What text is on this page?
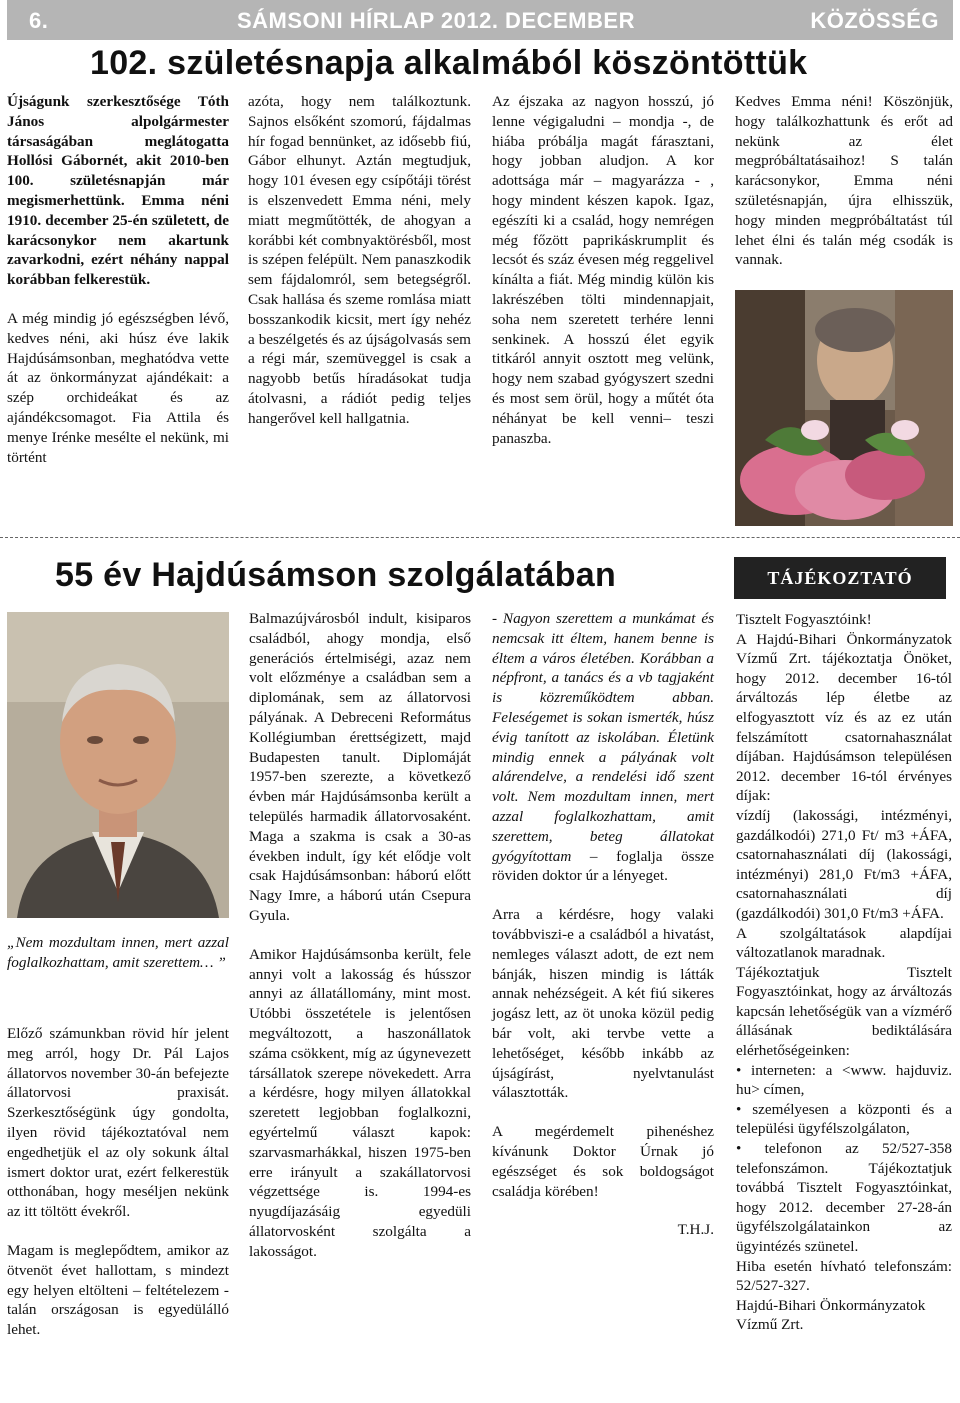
6.	SÁMSONI HÍRLAP 2012. DECEMBER	KÖZÖSSÉG
102. születésnapja alkalmából köszöntöttük

Újságunk szerkesztősége Tóth János alpolgármester társaságában meglátogatta Hollósi Gábornét, akit 2010-ben 100. születésnapján már megismerhettünk. Emma néni 1910. december 25-én született, de karácsonykor nem akartunk zavarkodni, ezért néhány nappal korábban felkerestük.

A még mindig jó egészségben lévő, kedves néni, aki húsz éve lakik Hajdúsámsonban, meghatódva vette át az önkormányzat ajándékait: a szép orchideákat és az ajándékcsomagot. Fia Attila és menye Irénke mesélte el nekünk, mi történt

azóta, hogy nem találkoztunk. Sajnos elsőként szomorú, fájdalmas hír fogad bennünket, az idősebb fiú, Gábor elhunyt. Aztán megtudjuk, hogy 101 évesen egy csípőtáji törést is elszenvedett Emma néni, mely miatt megműtötték, de ahogyan a korábbi két combnyaktörésből, most is szépen felépült. Nem panaszkodik sem fájdalomról, sem betegségről. Csak hallása és szeme romlása miatt bosszankodik kicsit, mert így nehéz a beszélgetés és az újságolvasás sem a régi már, szemüveggel is csak a nagyobb betűs híradásokat tudja átolvasni, a rádiót pedig teljes hangerővel kell hallgatnia.

Az éjszaka az nagyon hosszú, jó lenne végigaludni – mondja -, de hiába próbálja magát fárasztani, hogy jobban aludjon. A kor adottsága már – magyarázza - , hogy mindent készen kapok. Igaz, egészíti ki a család, hogy nemrégen még főzött paprikáskrumplit és lecsót és száz évesen még reggelivel kínálta a fiát. Még mindig külön kis lakrészében tölti mindennapjait, soha nem szeretett terhére lenni senkinek. A hosszú élet egyik titkáról annyit osztott meg velünk, hogy nem szabad gyógyszert szedni és most sem örül, hogy a műtét óta néhányat be kell venni– teszi panaszba.

Kedves Emma néni! Köszönjük, hogy találkozhattunk és erőt ad nekünk az élet megpróbáltatásaihoz! S talán karácsonykor, Emma néni születésnapján, újra elhisszük, hogy minden megpróbáltatást túl lehet élni és talán még csodák is vannak.

55 év Hajdúsámson szolgálatában
„Nem mozdultam innen, mert azzal foglalkozhattam, amit szerettem… ”

Előző számunkban rövid hír jelent meg arról, hogy Dr. Pál Lajos állatorvos november 30-án befejezte állatorvosi praxisát. Szerkesztőségünk úgy gondolta, ilyen rövid tájékoztatóval nem engedhetjük el az oly sokunk által ismert doktor urat, ezért felkerestük otthonában, hogy meséljen nekünk az itt töltött évekről.

Magam is meglepődtem, amikor az ötvenöt évet hallottam, s mindezt egy helyen eltölteni – feltételezem - talán országosan is egyedülálló lehet.

Balmazújvárosból indult, kisiparos családból, ahogy mondja, első generációs értelmiségi, azaz nem volt előzménye a családban sem a diplomának, sem az állatorvosi pályának. A Debreceni Református Kollégiumban érettségizett, majd Budapesten tanult. Diplomáját 1957-ben szerezte, a következő évben már Hajdúsámsonba került a település harmadik állatorvosaként. Maga a szakma is csak a 30-as években indult, így két elődje volt csak Hajdúsámsonban: háború előtt Nagy Imre, a háború után Csepura Gyula.

Amikor Hajdúsámsonba került, fele annyi volt a lakosság és hússzor annyi az állatállomány, mint most. Utóbbi összetétele is jelentősen megváltozott, a haszonállatok száma csökkent, míg az úgynevezett társállatok szerepe növekedett. Arra a kérdésre, hogy milyen állatokkal szeretett legjobban foglalkozni, egyértelmű választ kapok: szarvasmarhákkal, hiszen 1975-ben erre irányult a szakállatorvosi végzettsége is. 1994-es nyugdíjazásáig egyedüli állatorvosként szolgálta a lakosságot.

- Nagyon szerettem a munkámat és nemcsak itt éltem, hanem benne is éltem a város életében. Korábban a népfront, a tanács és a vb tagjaként is közreműködtem abban. Feleségemet is sokan ismerték, húsz évig tanított az iskolában. Életünk mindig ennek a pályának volt alárendelve, a rendelési idő szent volt. Nem mozdultam innen, mert azzal foglalkozhattam, amit szerettem, beteg állatokat gyógyítottam – foglalja össze röviden doktor úr a lényeget.

Arra a kérdésre, hogy valaki továbbviszi-e a családból a hivatást, nemleges választ adott, de ezt nem bánják, hiszen mindig is látták annak nehézségeit. A két fiú sikeres jogász lett, az öt unoka közül pedig bár volt, aki tervbe vette a lehetőséget, később inkább az újságírást, nyelvtanulást választották.

A megérdemelt pihenéshez kívánunk Doktor Úrnak jó egészséget és sok boldogságot családja körében!

T.H.J.

TÁJÉKOZTATÓ
Tisztelt Fogyasztóink!
A Hajdú-Bihari Önkormányzatok Vízmű Zrt. tájékoztatja Önöket, hogy 2012. december 16-tól árváltozás lép életbe az elfogyasztott víz és az ez után felszámított csatornahasználat díjában. Hajdúsámson településen 2012. december 16-tól érvényes díjak:
vízdíj (lakossági, intézményi, gazdálkodói) 271,0 Ft/ m3 +ÁFA, csatornahasználati díj (lakossági, intézményi) 281,0 Ft/m3 +ÁFA, csatornahasználati díj (gazdálkodói) 301,0 Ft/m3 +ÁFA.
A szolgáltatások alapdíjai változatlanok maradnak.
Tájékoztatjuk Tisztelt Fogyasztóinkat, hogy az árváltozás kapcsán lehetőségük van a vízmérő állásának bediktálására elérhetőségeinken:
• interneten: a <www. hajduviz. hu> címen,
• személyesen a központi és a települési ügyfélszolgálaton,
• telefonon az 52/527-358 telefonszámon. Tájékoztatjuk továbbá Tisztelt Fogyasztóinkat, hogy 2012. december 27-28-án ügyfélszolgálatainkon az ügyintézés szünetel.
Hiba esetén hívható telefonszám: 52/527-327.
Hajdú-Bihari Önkormányzatok Vízmű Zrt.
